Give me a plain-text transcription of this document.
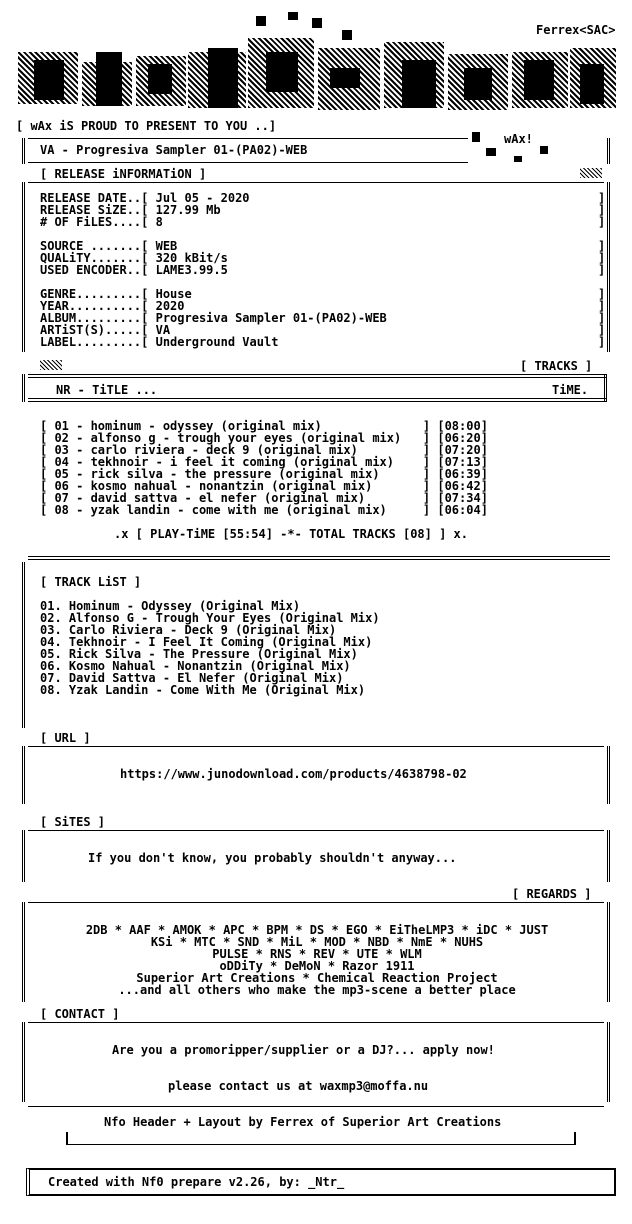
Ferrex<SAC>
[ wAx iS PROUD TO PRESENT TO YOU ..]
wAx!
VA - Progresiva Sampler 01-(PA02)-WEB
[ RELEASE iNFORMATiON ]
RELEASE DATE..[ Jul 05 - 2020
RELEASE SiZE..[ 127.99 Mb
# OF FiLES....[ 8
SOURCE .......[ WEB
QUALiTY.......[ 320 kBit/s
USED ENCODER..[ LAME3.99.5
GENRE.........[ House
YEAR..........[ 2020
ALBUM.........[ Progresiva Sampler 01-(PA02)-WEB
ARTiST(S).....[ VA
LABEL.........[ Underground Vault
]
]
]

]
]
]

]
]
]
]
]
[ TRACKS ]
NR - TiTLE ...	TiME.
[ 01 - hominum - odyssey (original mix)              ] [08:00]
[ 02 - alfonso g - trough your eyes (original mix)   ] [06:20]
[ 03 - carlo riviera - deck 9 (original mix)         ] [07:20]
[ 04 - tekhnoir - i feel it coming (original mix)    ] [07:13]
[ 05 - rick silva - the pressure (original mix)      ] [06:39]
[ 06 - kosmo nahual - nonantzin (original mix)       ] [06:42]
[ 07 - david sattva - el nefer (original mix)        ] [07:34]
[ 08 - yzak landin - come with me (original mix)     ] [06:04]
.x [ PLAY-TiME [55:54] -*- TOTAL TRACKS [08] ] x.
[ TRACK LiST ]
01. Hominum - Odyssey (Original Mix)
02. Alfonso G - Trough Your Eyes (Original Mix)
03. Carlo Riviera - Deck 9 (Original Mix)
04. Tekhnoir - I Feel It Coming (Original Mix)
05. Rick Silva - The Pressure (Original Mix)
06. Kosmo Nahual - Nonantzin (Original Mix)
07. David Sattva - El Nefer (Original Mix)
08. Yzak Landin - Come With Me (Original Mix)
[ URL ]
https://www.junodownload.com/products/4638798-02
[ SiTES ]
If you don't know, you probably shouldn't anyway...
[ REGARDS ]
2DB * AAF * AMOK * APC * BPM * DS * EGO * EiTheLMP3 * iDC * JUST
KSi * MTC * SND * MiL * MOD * NBD * NmE * NUHS
PULSE * RNS * REV * UTE * WLM
oDDiTy * DeMoN * Razor 1911
Superior Art Creations * Chemical Reaction Project
...and all others who make the mp3-scene a better place
[ CONTACT ]
Are you a promoripper/supplier or a DJ?... apply now!
please contact us at waxmp3@moffa.nu
Nfo Header + Layout by Ferrex of Superior Art Creations
Created with Nf0 prepare v2.26, by: _Ntr_
